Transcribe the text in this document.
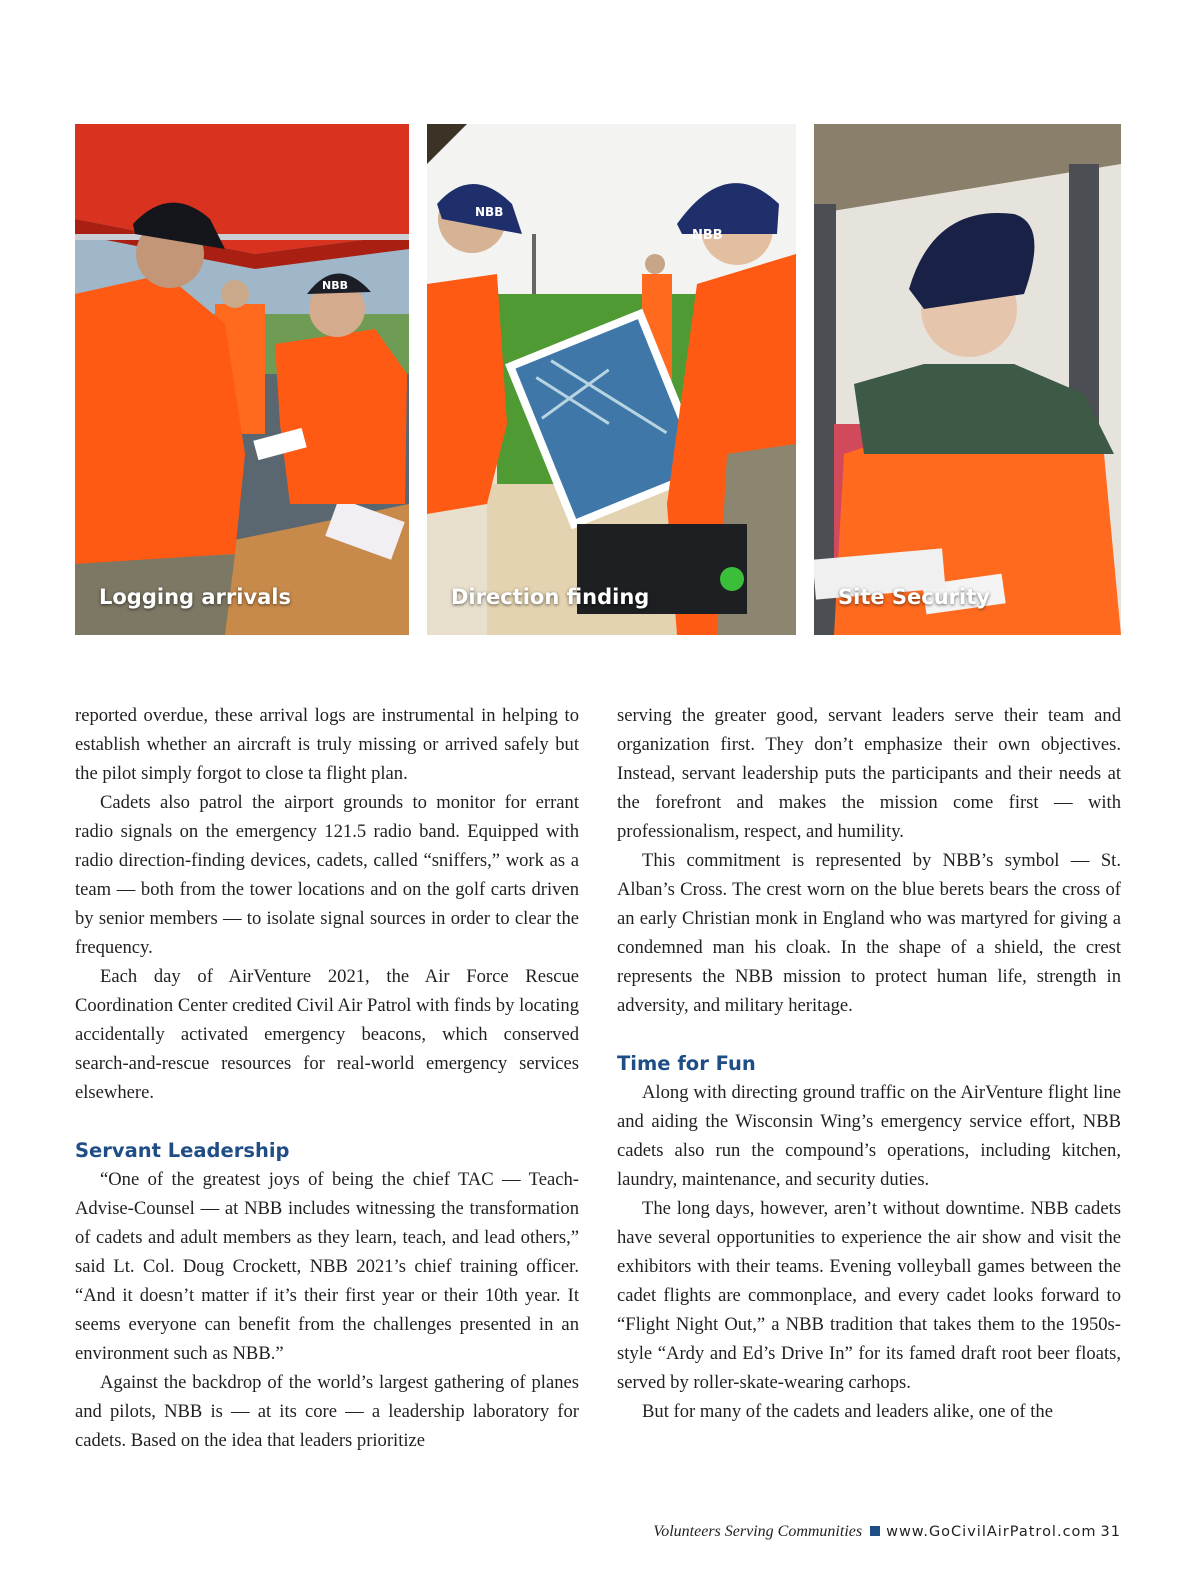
NBB
Logging arrivals
NBB
NBB
Direction finding	Site Security

reported overdue, these arrival logs are instrumental in helping to establish whether an aircraft is truly missing or arrived safely but the pilot simply forgot to close ta flight plan.

Cadets also patrol the airport grounds to monitor for errant radio signals on the emergency 121.5 radio band. Equipped with radio direction-finding devices, cadets, called “sniffers,” work as a team — both from the tower locations and on the golf carts driven by senior members — to isolate signal sources in order to clear the frequency.

Each day of AirVenture 2021, the Air Force Rescue Coordination Center credited Civil Air Patrol with finds by locating accidentally activated emergency beacons, which conserved search-and-rescue resources for real-world emergency services elsewhere.

Servant Leadership

“One of the greatest joys of being the chief TAC — Teach-Advise-Counsel — at NBB includes witnessing the transformation of cadets and adult members as they learn, teach, and lead others,” said Lt. Col. Doug Crockett, NBB 2021’s chief training officer. “And it doesn’t matter if it’s their first year or their 10th year. It seems everyone can benefit from the challenges presented in an environment such as NBB.”

Against the backdrop of the world’s largest gathering of planes and pilots, NBB is — at its core — a leadership laboratory for cadets. Based on the idea that leaders prioritize

serving the greater good, servant leaders serve their team and organization first. They don’t emphasize their own objectives. Instead, servant leadership puts the participants and their needs at the forefront and makes the mission come first — with professionalism, respect, and humility.

This commitment is represented by NBB’s symbol — St. Alban’s Cross. The crest worn on the blue berets bears the cross of an early Christian monk in England who was martyred for giving a condemned man his cloak. In the shape of a shield, the crest represents the NBB mission to protect human life, strength in adversity, and military heritage.

Time for Fun

Along with directing ground traffic on the AirVenture flight line and aiding the Wisconsin Wing’s emergency service effort, NBB cadets also run the compound’s operations, including kitchen, laundry, maintenance, and security duties.

The long days, however, aren’t without downtime. NBB cadets have several opportunities to experience the air show and visit the exhibitors with their teams. Evening volleyball games between the cadet flights are commonplace, and every cadet looks forward to “Flight Night Out,” a NBB tradition that takes them to the 1950s-style “Ardy and Ed’s Drive In” for its famed draft root beer floats, served by roller-skate-wearing carhops.

But for many of the cadets and leaders alike, one of the

Volunteers Serving Communities www.GoCivilAirPatrol.com 31
